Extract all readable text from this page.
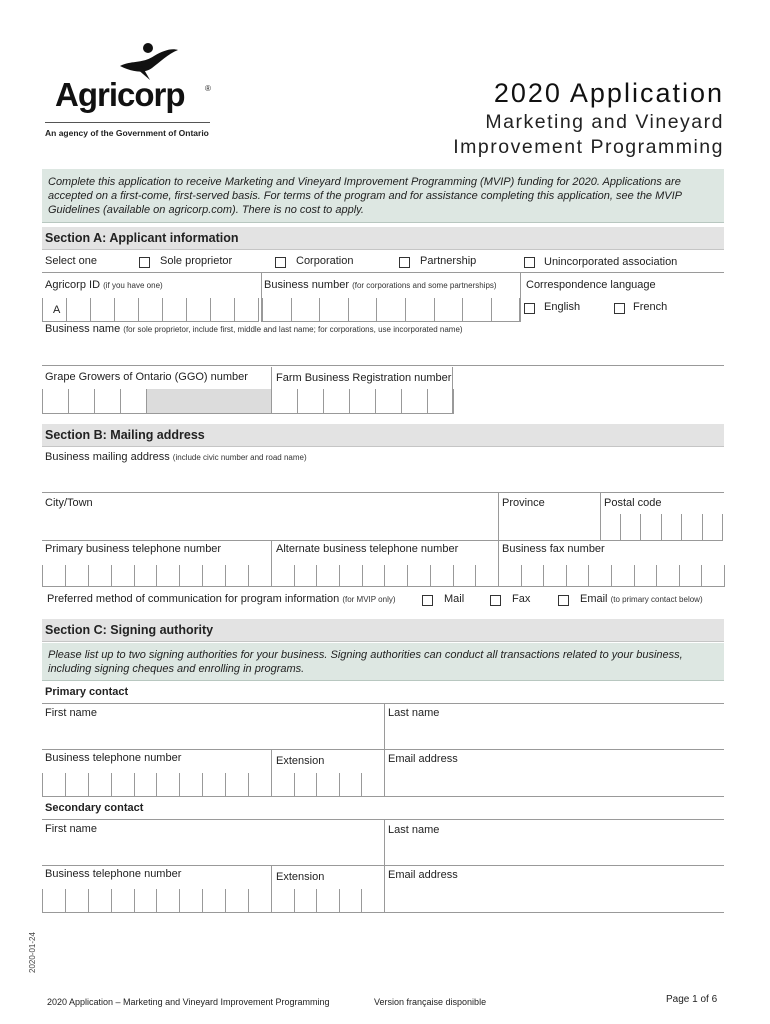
Agricorp	®
An agency of the Government of Ontario
2020 Application
Marketing and Vineyard
Improvement Programming
Complete this application to receive Marketing and Vineyard Improvement Programming (MVIP) funding for 2020. Applications are
accepted on a first-come, first-served basis. For terms of the program and for assistance completing this application, see the MVIP
Guidelines (available on agricorp.com). There is no cost to apply.
Section A: Applicant information
Select one	Sole proprietor	Corporation	Partnership	Unincorporated association
Agricorp ID (if you have one)	Business number (for corporations and some partnerships)	Correspondence language
A	English	French
Business name (for sole proprietor, include first, middle and last name; for corporations, use incorporated name)
Grape Growers of Ontario (GGO) number	Farm Business Registration number
Section B: Mailing address
Business mailing address (include civic number and road name)
City/Town	Province	Postal code
Primary business telephone number	Alternate business telephone number	Business fax number
Preferred method of communication for program information (for MVIP only)	Mail	Fax	Email (to primary contact below)
Section C: Signing authority
Please list up to two signing authorities for your business. Signing authorities can conduct all transactions related to your business,
including signing cheques and enrolling in programs.
Primary contact
First name	Last name
Business telephone number	Extension	Email address
Secondary contact
First name	Last name
Business telephone number	Extension	Email address
2020-01-24
2020 Application – Marketing and Vineyard Improvement Programming	Version française disponible	Page 1 of 6
